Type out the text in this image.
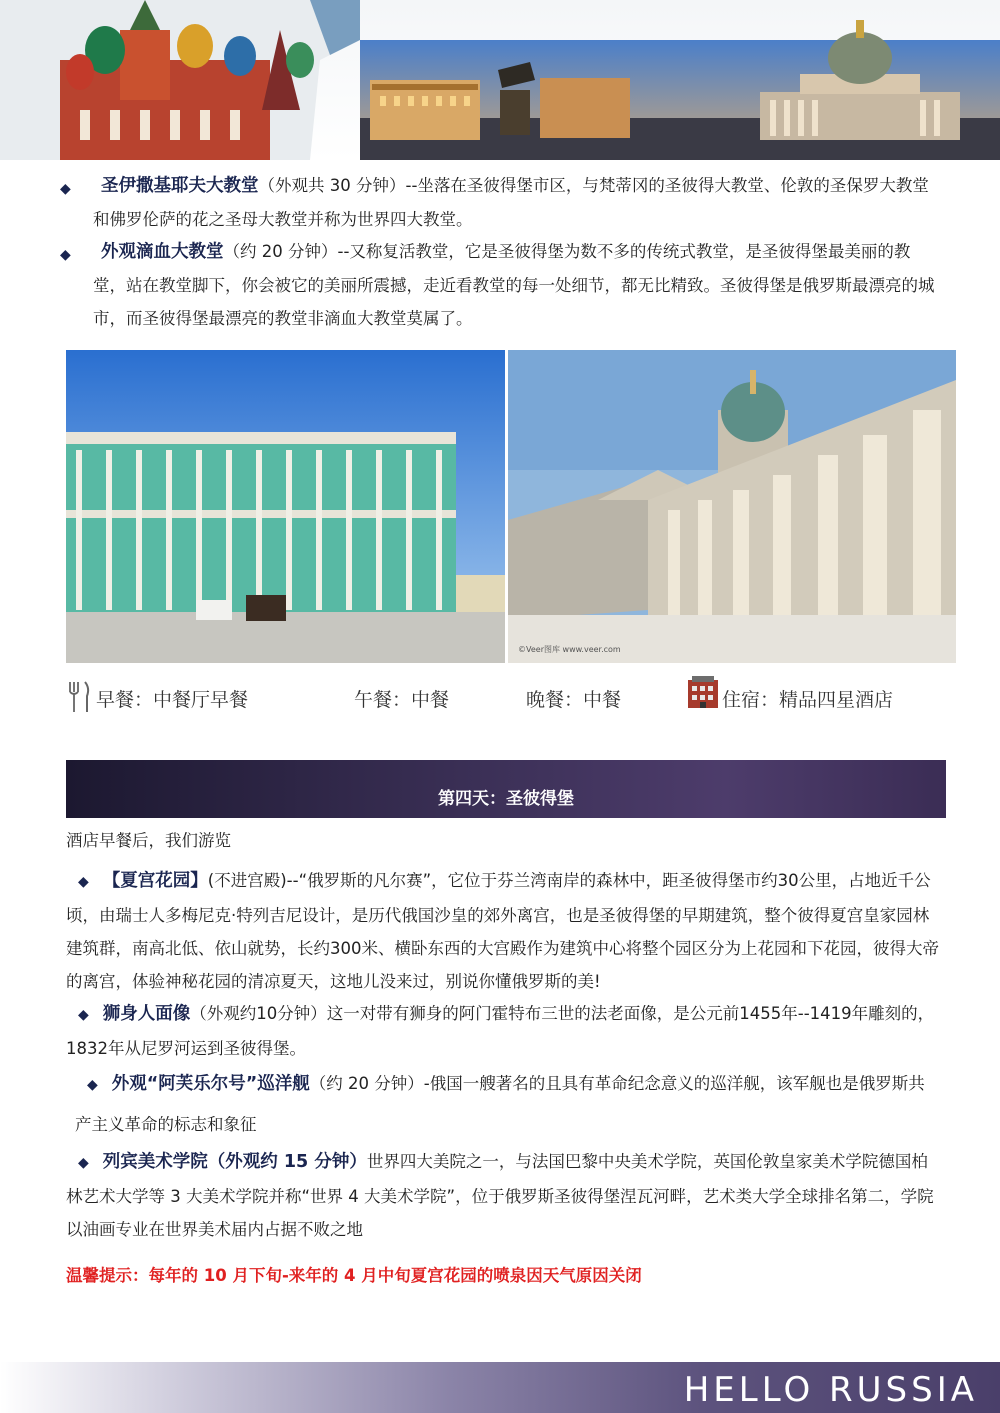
◆	圣伊撒基耶夫大教堂（外观共 30 分钟）--坐落在圣彼得堡市区，与梵蒂冈的圣彼得大教堂、伦敦的圣保罗大教堂和佛罗伦萨的花之圣母大教堂并称为世界四大教堂。
◆	外观滴血大教堂（约 20 分钟）--又称复活教堂，它是圣彼得堡为数不多的传统式教堂，是圣彼得堡最美丽的教堂，站在教堂脚下，你会被它的美丽所震撼，走近看教堂的每一处细节，都无比精致。圣彼得堡是俄罗斯最漂亮的城市，而圣彼得堡最漂亮的教堂非滴血大教堂莫属了。
©Veer图库 www.veer.com
早餐：中餐厅早餐	午餐：中餐	晚餐：中餐	住宿：精品四星酒店
第四天：圣彼得堡
酒店早餐后，我们游览
◆ 【夏宫花园】(不进宫殿)--“俄罗斯的凡尔赛”，它位于芬兰湾南岸的森林中，距圣彼得堡市约30公里，占地近千公顷，由瑞士人多梅尼克·特列吉尼设计，是历代俄国沙皇的郊外离宫，也是圣彼得堡的早期建筑，整个彼得夏宫皇家园林建筑群，南高北低、依山就势，长约300米、横卧东西的大宫殿作为建筑中心将整个园区分为上花园和下花园，彼得大帝的离宫，体验神秘花园的清凉夏天，这地儿没来过，别说你懂俄罗斯的美!
◆ 狮身人面像（外观约10分钟）这一对带有狮身的阿门霍特布三世的法老面像，是公元前1455年--1419年雕刻的，1832年从尼罗河运到圣彼得堡。
◆ 外观“阿芙乐尔号”巡洋舰（约 20 分钟）-俄国一艘著名的且具有革命纪念意义的巡洋舰，该军舰也是俄罗斯共产主义革命的标志和象征
◆ 列宾美术学院（外观约 15 分钟）世界四大美院之一，与法国巴黎中央美术学院，英国伦敦皇家美术学院德国柏林艺术大学等 3 大美术学院并称“世界 4 大美术学院”，位于俄罗斯圣彼得堡涅瓦河畔，艺术类大学全球排名第二，学院以油画专业在世界美术届内占据不败之地
温馨提示：每年的 10 月下旬-来年的 4 月中旬夏宫花园的喷泉因天气原因关闭
HELLO RUSSIA
